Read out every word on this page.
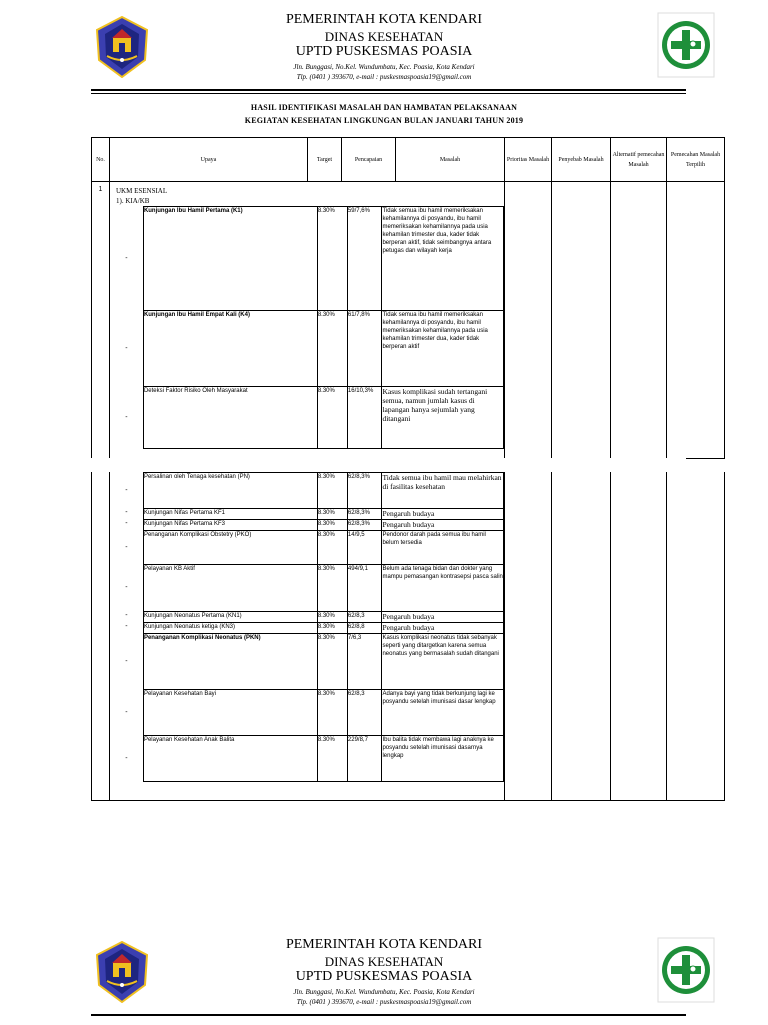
PEMERINTAH KOTA KENDARI
DINAS KESEHATAN
UPTD PUSKESMAS POASIA
Jln. Bunggasi, No.Kel. Wundumbatu, Kec. Poasia, Kota Kendari
Tlp. (0401 ) 393670, e-mail : puskesmaspoasia19@gmail.com
HASIL IDENTIFIKASI MASALAH DAN HAMBATAN PELAKSANAAN
KEGIATAN KESEHATAN LINGKUNGAN BULAN JANUARI TAHUN 2019
No.	Upaya	Target	Pencapaian	Masalah	Prioritas Masalah	Penyebab Masalah	Alternatif pemecahan Masalah	Pemecahan Masalah Terpilih
1	UKM ESENSIAL
1). KIA/KB
-	Kunjungan Ibu Hamil Pertama (K1)	8.30%	59/7,6%	Tidak semua ibu hamil memeriksakan kehamilannya di posyandu, ibu hamil memeriksakan kehamilannya pada usia kehamilan trimester dua, kader tidak berperan aktif, tidak seimbangnya antara petugas dan wilayah kerja
-	Kunjungan Ibu Hamil Empat Kali (K4)	8.30%	61/7,8%	Tidak semua ibu hamil memeriksakan kehamilannya di posyandu, ibu hamil memeriksakan kehamilannya pada usia kehamilan trimester dua, kader tidak berperan aktif
-	Deteksi Faktor Risiko Oleh Masyarakat	8.30%	16/10,3%	Kasus komplikasi sudah tertangani semua, namun jumlah kasus di lapangan hanya sejumlah yang ditangani

-	Persalinan oleh Tenaga kesehatan (PN)	8.30%	62/8,3%	Tidak semua ibu hamil mau melahirkan di fasilitas kesehatan
-	Kunjungan Nifas Pertama KF1	8.30%	62/8,3%	Pengaruh budaya
-	Kunjungan Nifas Pertama KF3	8.30%	62/8,3%	Pengaruh budaya
-	Penanganan Komplikasi Obstetry (PKO)	8.30%	14/9,5	Pendonor darah pada semua ibu hamil belum tersedia
-	Pelayanan KB Aktif	8.30%	494/9,1	Belum ada tenaga bidan dan dokter yang mampu pemasangan kontrasepsi pasca salin
-	Kunjungan Neonatus Pertama (KN1)	8.30%	62/8,3	Pengaruh budaya
-	Kunjungan Neonatus ketiga (KN3)	8.30%	62/8,8	Pengaruh budaya
-	Penanganan Komplikasi Neonatus (PKN)	8.30%	7/6,3	Kasus komplikasi neonatus tidak sebanyak seperti yang ditargetkan karena semua neonatus yang bermasalah sudah ditangani
-	Pelayanan Kesehatan Bayi	8.30%	62/8,3	Adanya bayi yang tidak berkunjung lagi ke posyandu setelah imunisasi dasar lengkap
-	Pelayanan Kesehatan Anak Balita	8.30%	229/8,7	Ibu balita tidak membawa lagi anaknya ke posyandu setelah imunisasi dasarnya lengkap

PEMERINTAH KOTA KENDARI
DINAS KESEHATAN
UPTD PUSKESMAS POASIA
Jln. Bunggasi, No.Kel. Wundumbatu, Kec. Poasia, Kota Kendari
Tlp. (0401 ) 393670, e-mail : puskesmaspoasia19@gmail.com
